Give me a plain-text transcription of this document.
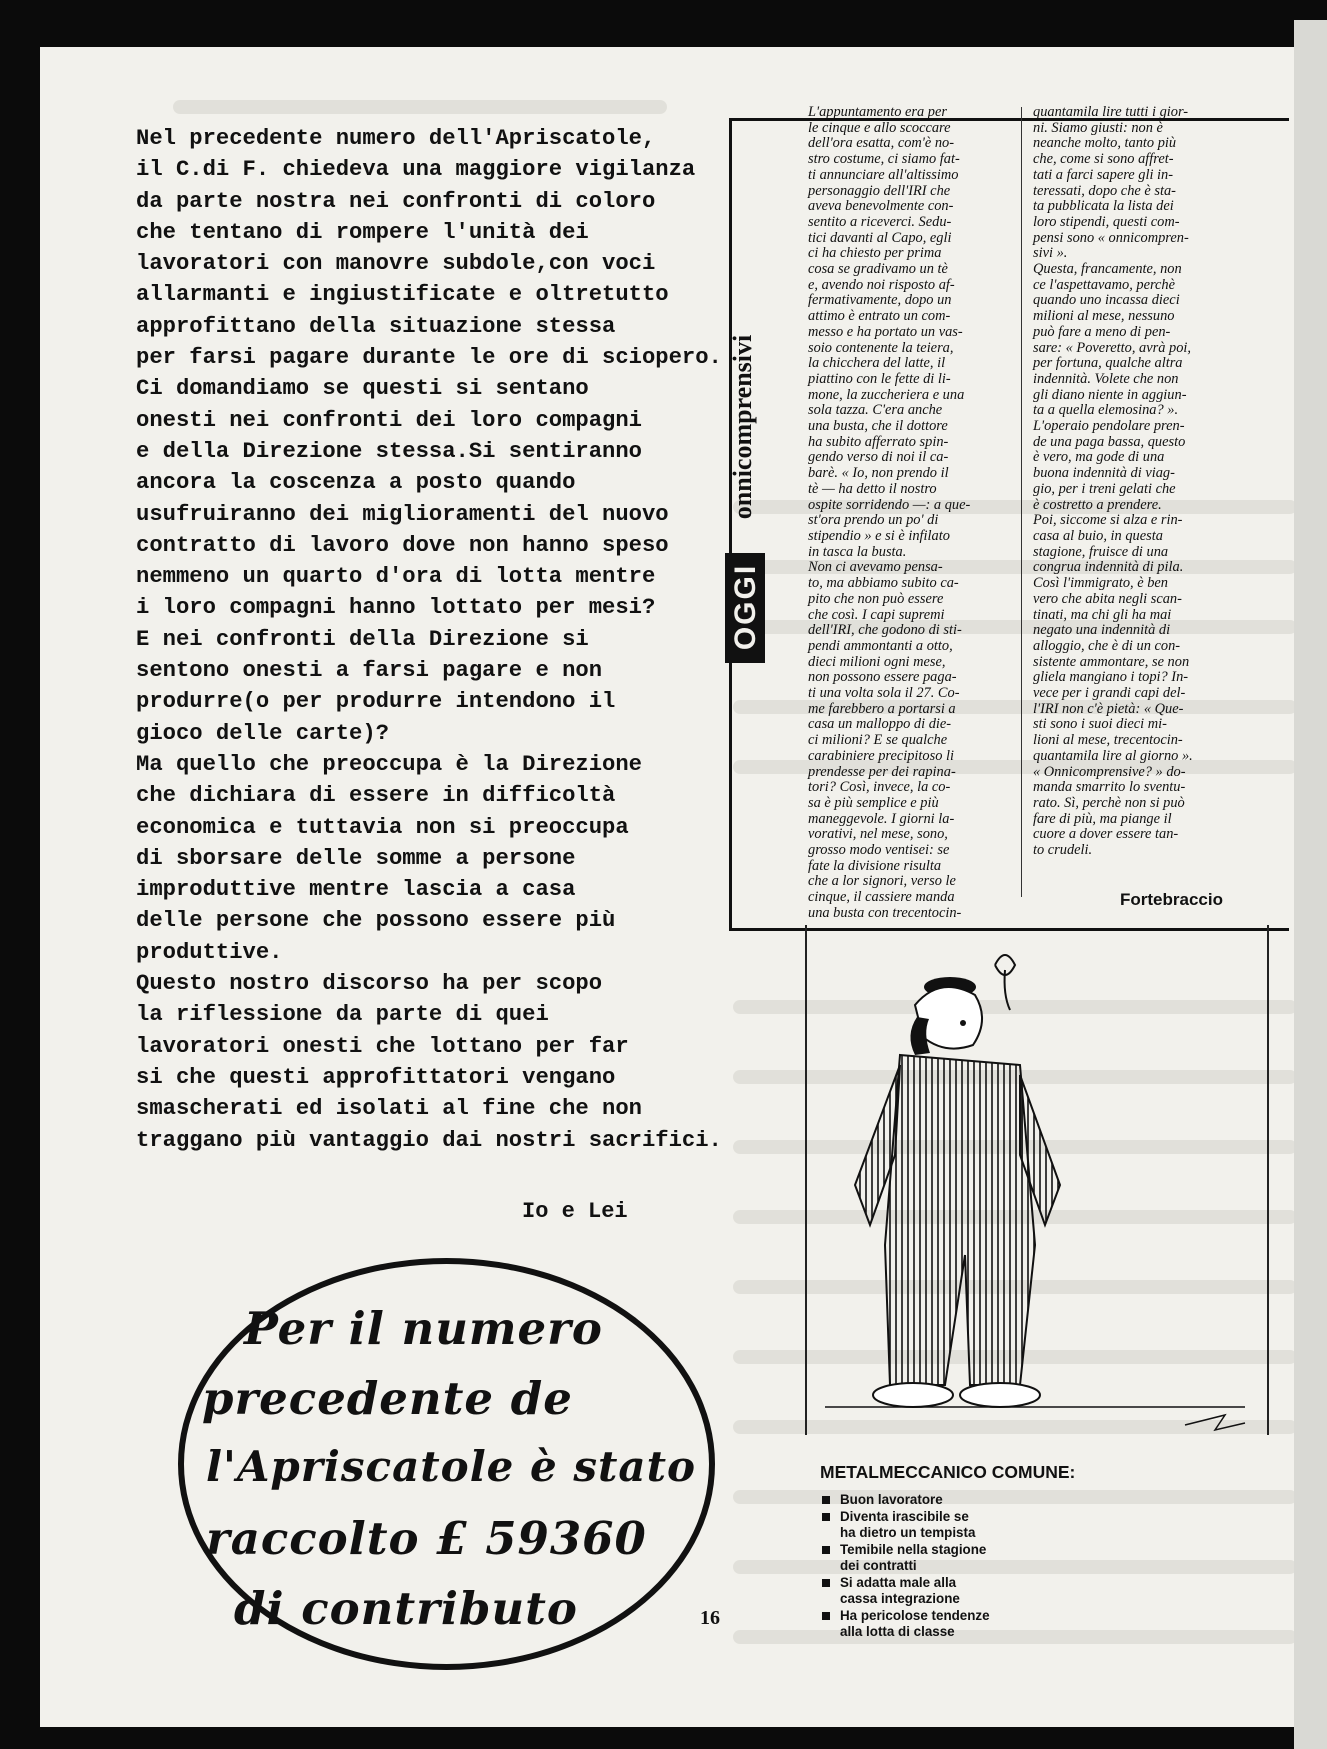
Nel precedente numero dell'Apriscatole,
il C.di F. chiedeva una maggiore vigilanza
da parte nostra nei confronti di coloro
che tentano di rompere l'unità dei
lavoratori con manovre subdole,con voci
allarmanti e ingiustificate e oltretutto
approfittano della situazione stessa
per farsi pagare durante le ore di sciopero.
Ci domandiamo se questi si sentano
onesti nei confronti dei loro compagni
e della Direzione stessa.Si sentiranno
ancora la coscenza a posto quando
usufruiranno dei miglioramenti del nuovo
contratto di lavoro dove non hanno speso
nemmeno un quarto d'ora di lotta mentre
i loro compagni hanno lottato per mesi?
E nei confronti della Direzione si
sentono onesti a farsi pagare e non
produrre(o per produrre intendono il
gioco delle carte)?
Ma quello che preoccupa è la Direzione
che dichiara di essere in difficoltà
economica e tuttavia non si preoccupa
di sborsare delle somme a persone
improduttive mentre lascia a casa
delle persone che possono essere più
produttive.
Questo nostro discorso ha per scopo
la riflessione da parte di quei
lavoratori onesti che lottano per far
si che questi approfittatori vengano
smascherati ed isolati al fine che non
traggano più vantaggio dai nostri sacrifici.
Io e Lei
Per il numero
precedente de
l'Apriscatole è stato
raccolto £ 59360
di contributo	16
OGGI
onnicomprensivi
L'appuntamento era per
le cinque e allo scoccare
dell'ora esatta, com'è no-
stro costume, ci siamo fat-
ti annunciare all'altissimo
personaggio dell'IRI che
aveva benevolmente con-
sentito a riceverci. Sedu-
tici davanti al Capo, egli
ci ha chiesto per prima
cosa se gradivamo un tè
e, avendo noi risposto af-
fermativamente, dopo un
attimo è entrato un com-
messo e ha portato un vas-
soio contenente la teiera,
la chicchera del latte, il
piattino con le fette di li-
mone, la zuccheriera e una
sola tazza. C'era anche
una busta, che il dottore
ha subito afferrato spin-
gendo verso di noi il ca-
barè. « Io, non prendo il
tè — ha detto il nostro
ospite sorridendo —: a que-
st'ora prendo un po' di
stipendio » e si è infilato
in tasca la busta.
Non ci avevamo pensa-
to, ma abbiamo subito ca-
pito che non può essere
che così. I capi supremi
dell'IRI, che godono di sti-
pendi ammontanti a otto,
dieci milioni ogni mese,
non possono essere paga-
ti una volta sola il 27. Co-
me farebbero a portarsi a
casa un malloppo di die-
ci milioni? E se qualche
carabiniere precipitoso li
prendesse per dei rapina-
tori? Così, invece, la co-
sa è più semplice e più
maneggevole. I giorni la-
vorativi, nel mese, sono,
grosso modo ventisei: se
fate la divisione risulta
che a lor signori, verso le
cinque, il cassiere manda
una busta con trecentocin-
quantamila lire tutti i gior-
ni. Siamo giusti: non è
neanche molto, tanto più
che, come si sono affret-
tati a farci sapere gli in-
teressati, dopo che è sta-
ta pubblicata la lista dei
loro stipendi, questi com-
pensi sono « onnicompren-
sivi ».
Questa, francamente, non
ce l'aspettavamo, perchè
quando uno incassa dieci
milioni al mese, nessuno
può fare a meno di pen-
sare: « Poveretto, avrà poi,
per fortuna, qualche altra
indennità. Volete che non
gli diano niente in aggiun-
ta a quella elemosina? ».
L'operaio pendolare pren-
de una paga bassa, questo
è vero, ma gode di una
buona indennità di viag-
gio, per i treni gelati che
è costretto a prendere.
Poi, siccome si alza e rin-
casa al buio, in questa
stagione, fruisce di una
congrua indennità di pila.
Così l'immigrato, è ben
vero che abita negli scan-
tinati, ma chi gli ha mai
negato una indennità di
alloggio, che è di un con-
sistente ammontare, se non
gliela mangiano i topi? In-
vece per i grandi capi del-
l'IRI non c'è pietà: « Que-
sti sono i suoi dieci mi-
lioni al mese, trecentocin-
quantamila lire al giorno ».
« Onnicomprensive? » do-
manda smarrito lo sventu-
rato. Sì, perchè non si può
fare di più, ma piange il
cuore a dover essere tan-
to crudeli.
Fortebraccio
METALMECCANICO COMUNE:
Buon lavoratore
Diventa irascibile se
ha dietro un tempista
Temibile nella stagione
dei contratti
Si adatta male alla
cassa integrazione
Ha pericolose tendenze
alla lotta di classe
